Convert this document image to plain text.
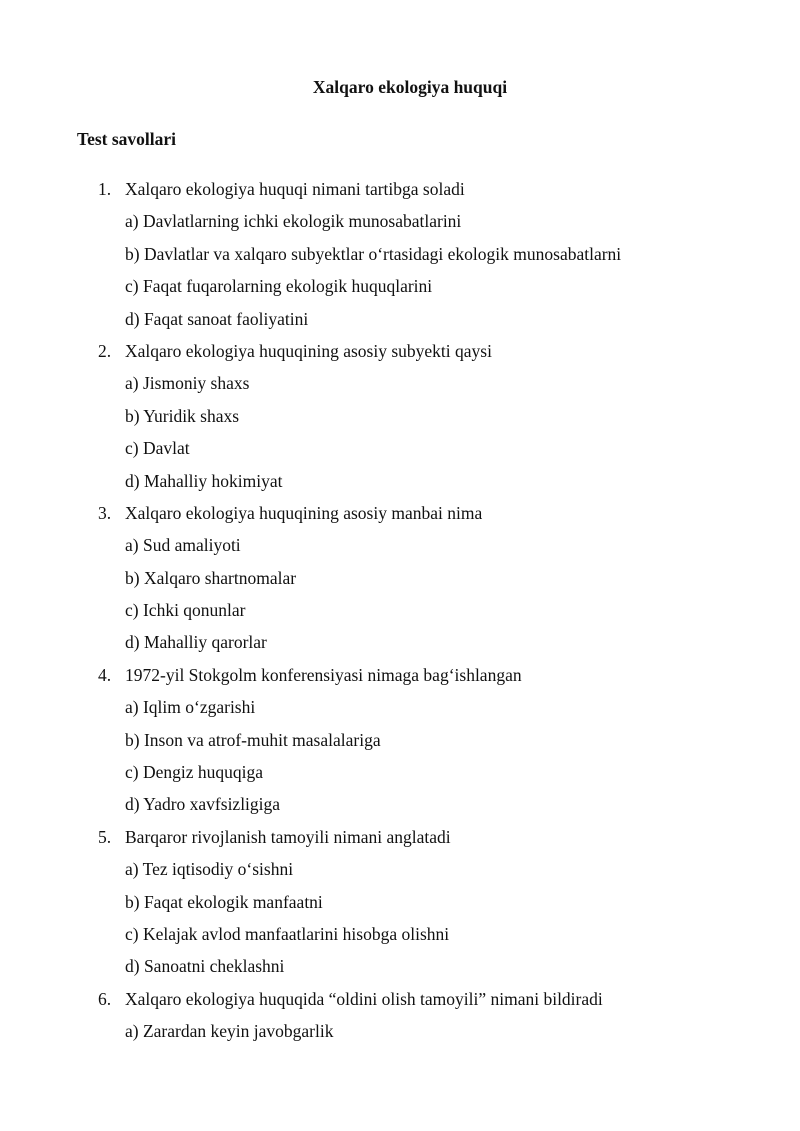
Xalqaro ekologiya huquqi
Test savollari
1. Xalqaro ekologiya huquqi nimani tartibga soladi
a) Davlatlarning ichki ekologik munosabatlarini
b) Davlatlar va xalqaro subyektlar o‘rtasidagi ekologik munosabatlarni
c) Faqat fuqarolarning ekologik huquqlarini
d) Faqat sanoat faoliyatini
2. Xalqaro ekologiya huquqining asosiy subyekti qaysi
a) Jismoniy shaxs
b) Yuridik shaxs
c) Davlat
d) Mahalliy hokimiyat
3. Xalqaro ekologiya huquqining asosiy manbai nima
a) Sud amaliyoti
b) Xalqaro shartnomalar
c) Ichki qonunlar
d) Mahalliy qarorlar
4. 1972-yil Stokgolm konferensiyasi nimaga bag‘ishlangan
a) Iqlim o‘zgarishi
b) Inson va atrof-muhit masalalariga
c) Dengiz huquqiga
d) Yadro xavfsizligiga
5. Barqaror rivojlanish tamoyili nimani anglatadi
a) Tez iqtisodiy o‘sishni
b) Faqat ekologik manfaatni
c) Kelajak avlod manfaatlarini hisobga olishni
d) Sanoatni cheklashni
6. Xalqaro ekologiya huquqida “oldini olish tamoyili” nimani bildiradi
a) Zarardan keyin javobgarlik
